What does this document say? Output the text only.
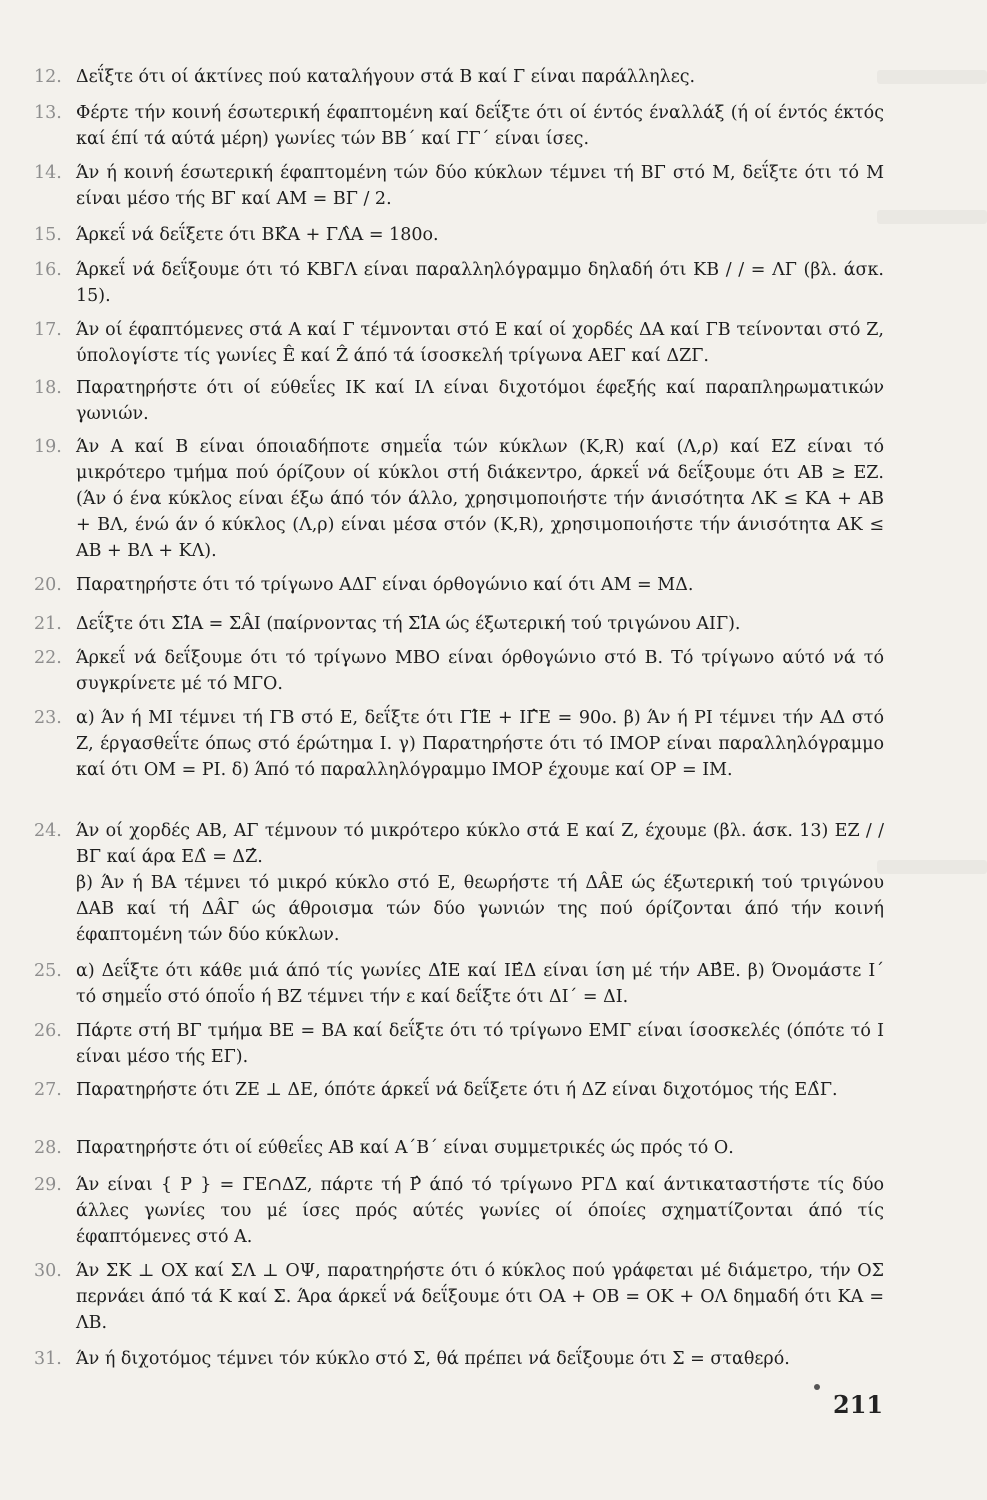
12. Δεΐξτε ότι οί άκτίνες πού καταλήγουν στά Β καί Γ είναι παράλληλες.
13. Φέρτε τήν κοινή έσωτερική έφαπτομένη καί δεΐξτε ότι οί έντός έναλλάξ (ή οί έντός έκτός καί έπί τά αύτά μέρη) γωνίες τών ΒΒ΄ καί ΓΓ΄ είναι ίσες.
14. Άν ή κοινή έσωτερική έφαπτομένη τών δύο κύκλων τέμνει τή ΒΓ στό Μ, δεΐξτε ότι τό Μ είναι μέσο τής ΒΓ καί ΑΜ = ΒΓ / 2.
15. Άρκεΐ νά δεΐξετε ότι ΒΚ̂Α + ΓΛ̂Α = 180ο.
16. Άρκεΐ νά δεΐξουμε ότι τό ΚΒΓΛ είναι παραλληλόγραμμο δηλαδή ότι ΚΒ / / = ΛΓ (βλ. άσκ. 15).
17. Άν οί έφαπτόμενες στά Α καί Γ τέμνονται στό Ε καί οί χορδές ΔΑ καί ΓΒ τείνονται στό Ζ, ύπολογίστε τίς γωνίες Ê καί Ẑ άπό τά ίσοσκελή τρίγωνα ΑΕΓ καί ΔΖΓ.
18. Παρατηρήστε ότι οί εύθεΐες ΙΚ καί ΙΛ είναι διχοτόμοι έφεξής καί παραπληρωματικών γωνιών.
19. Άν Α καί Β είναι όποιαδήποτε σημεΐα τών κύκλων (Κ,R) καί (Λ,ρ) καί ΕΖ είναι τό μικρότερο τμήμα πού όρίζουν οί κύκλοι στή διάκεντρο, άρκεΐ νά δεΐξουμε ότι ΑΒ ≥ ΕΖ. (Άν ό ένα κύκλος είναι έξω άπό τόν άλλο, χρησιμοποιήστε τήν άνισότητα ΛΚ ≤ ΚΑ + ΑΒ + ΒΛ, ένώ άν ό κύκλος (Λ,ρ) είναι μέσα στόν (Κ,R), χρησιμοποιήστε τήν άνισότητα ΑΚ ≤ ΑΒ + ΒΛ + ΚΛ).
20. Παρατηρήστε ότι τό τρίγωνο ΑΔΓ είναι όρθογώνιο καί ότι ΑΜ = ΜΔ.
21. Δεΐξτε ότι ΣΙ̂Α = ΣÂΙ (παίρνοντας τή ΣΙ̂Α ώς έξωτερική τού τριγώνου ΑΙΓ).
22. Άρκεΐ νά δεΐξουμε ότι τό τρίγωνο ΜΒΟ είναι όρθογώνιο στό Β. Τό τρίγωνο αύτό νά τό συγκρίνετε μέ τό ΜΓΟ.
23. α) Άν ή ΜΙ τέμνει τή ΓΒ στό Ε, δεΐξτε ότι ΓΙ̂Ε + ΙΓ̂Ε = 90ο. β) Άν ή ΡΙ τέμνει τήν ΑΔ στό Ζ, έργασθεΐτε όπως στό έρώτημα Ι. γ) Παρατηρήστε ότι τό ΙΜΟΡ είναι παραλληλόγραμμο καί ότι ΟΜ = ΡΙ. δ) Άπό τό παραλληλόγραμμο ΙΜΟΡ έχουμε καί ΟΡ = ΙΜ.
24. Άν οί χορδές ΑΒ, ΑΓ τέμνουν τό μικρότερο κύκλο στά Ε καί Ζ, έχουμε (βλ. άσκ. 13) ΕΖ / / ΒΓ καί άρα ΕΔ̂ = ΔΖ̂.
β) Άν ή ΒΑ τέμνει τό μικρό κύκλο στό Ε, θεωρήστε τή ΔÂΕ ώς έξωτερική τού τριγώνου ΔΑΒ καί τή ΔÂΓ ώς άθροισμα τών δύο γωνιών της πού όρίζονται άπό τήν κοινή έφαπτομένη τών δύο κύκλων.
25. α) Δεΐξτε ότι κάθε μιά άπό τίς γωνίες ΔΙ̂Ε καί ΙΕ̂Δ είναι ίση μέ τήν ΑΒ̂Ε. β) Όνομάστε Ι΄ τό σημεΐο στό όποΐο ή ΒΖ τέμνει τήν ε καί δεΐξτε ότι ΔΙ΄ = ΔΙ.
26. Πάρτε στή ΒΓ τμήμα ΒΕ = ΒΑ καί δεΐξτε ότι τό τρίγωνο ΕΜΓ είναι ίσοσκελές (όπότε τό Ι είναι μέσο τής ΕΓ).
27. Παρατηρήστε ότι ΖΕ ⊥ ΔΕ, όπότε άρκεΐ νά δεΐξετε ότι ή ΔΖ είναι διχοτόμος τής ΕΔ̂Γ.
28. Παρατηρήστε ότι οί εύθεΐες ΑΒ καί Α΄Β΄ είναι συμμετρικές ώς πρός τό Ο.
29. Άν είναι { Ρ } = ΓΕ∩ΔΖ, πάρτε τή Ρ̂ άπό τό τρίγωνο ΡΓΔ καί άντικαταστήστε τίς δύο άλλες γωνίες του μέ ίσες πρός αύτές γωνίες οί όποίες σχηματίζονται άπό τίς έφαπτόμενες στό Α.
30. Άν ΣΚ ⊥ ΟΧ καί ΣΛ ⊥ ΟΨ, παρατηρήστε ότι ό κύκλος πού γράφεται μέ διάμετρο, τήν ΟΣ περνάει άπό τά Κ καί Σ. Άρα άρκεΐ νά δεΐξουμε ότι ΟΑ + ΟΒ = ΟΚ + ΟΛ δημαδή ότι ΚΑ = ΛΒ.
31. Άν ή διχοτόμος τέμνει τόν κύκλο στό Σ, θά πρέπει νά δεΐξουμε ότι Σ = σταθερό.
211
